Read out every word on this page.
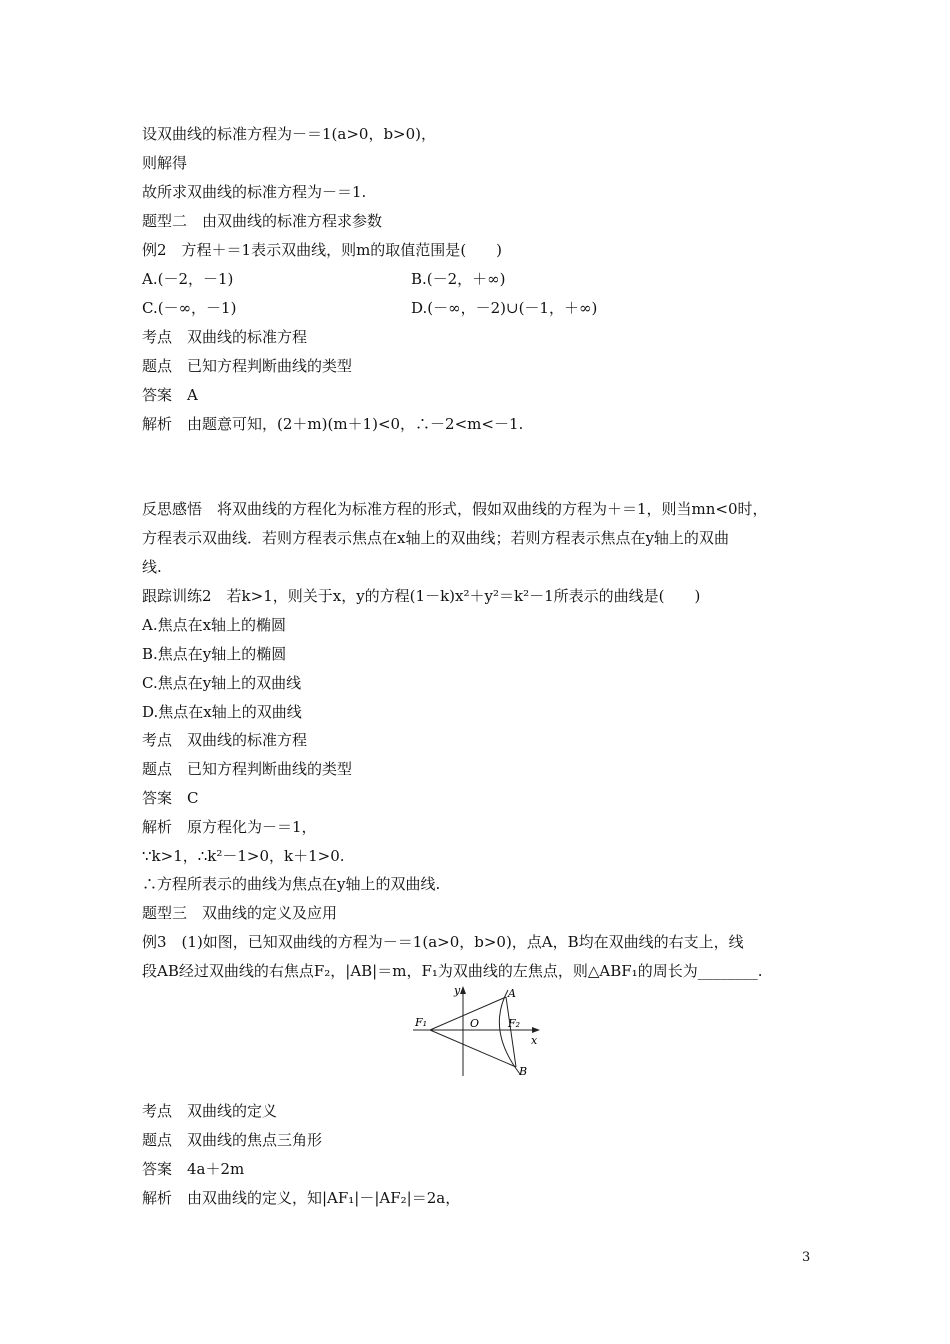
设双曲线的标准方程为－＝1(a>0，b>0)，
则解得
故所求双曲线的标准方程为－＝1.
题型二　由双曲线的标准方程求参数
例2　方程＋＝1表示双曲线，则m的取值范围是(　　)
A.(－2，－1)	B.(－2，＋∞)
C.(－∞，－1)	D.(－∞，－2)∪(－1，＋∞)
考点　双曲线的标准方程
题点　已知方程判断曲线的类型
答案　A
解析　由题意可知，(2＋m)(m＋1)<0，∴－2<m<－1.
反思感悟　将双曲线的方程化为标准方程的形式，假如双曲线的方程为＋＝1，则当mn<0时，
方程表示双曲线．若则方程表示焦点在x轴上的双曲线；若则方程表示焦点在y轴上的双曲
线.
跟踪训练2　若k>1，则关于x，y的方程(1－k)x²＋y²＝k²－1所表示的曲线是(　　)
A.焦点在x轴上的椭圆
B.焦点在y轴上的椭圆
C.焦点在y轴上的双曲线
D.焦点在x轴上的双曲线
考点　双曲线的标准方程
题点　已知方程判断曲线的类型
答案　C
解析　原方程化为－＝1，
∵k>1，∴k²－1>0，k＋1>0.
∴方程所表示的曲线为焦点在y轴上的双曲线.
题型三　双曲线的定义及应用
例3　(1)如图，已知双曲线的方程为－＝1(a>0，b>0)，点A，B均在双曲线的右支上，线
段AB经过双曲线的右焦点F₂，|AB|＝m，F₁为双曲线的左焦点，则△ABF₁的周长为________.
y	A
F₁	O	F₂
x
B
考点　双曲线的定义
题点　双曲线的焦点三角形
答案　4a＋2m
解析　由双曲线的定义，知|AF₁|－|AF₂|＝2a，
3
